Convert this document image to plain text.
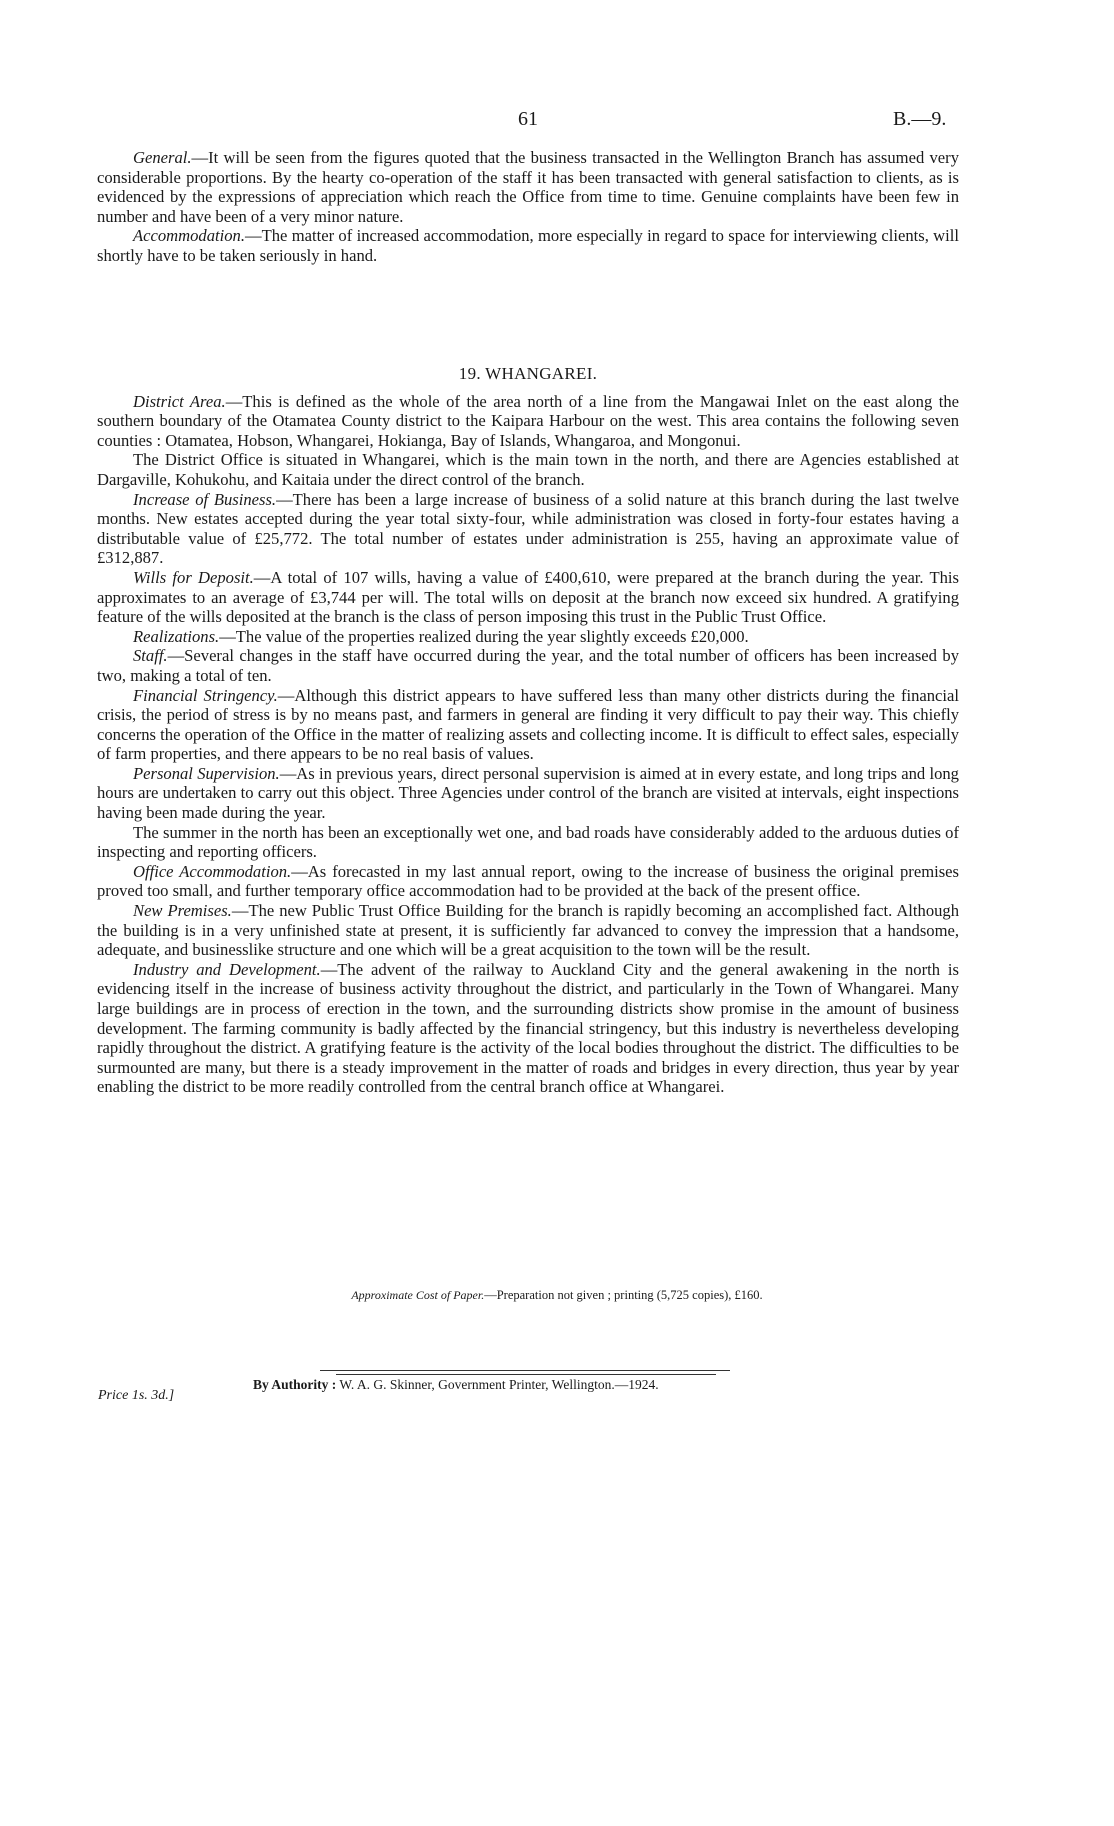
61	B.—9.

General.—It will be seen from the figures quoted that the business transacted in the Wellington Branch has assumed very considerable proportions. By the hearty co-operation of the staff it has been transacted with general satisfaction to clients, as is evidenced by the expressions of appreciation which reach the Office from time to time. Genuine complaints have been few in number and have been of a very minor nature.

Accommodation.—The matter of increased accommodation, more especially in regard to space for interviewing clients, will shortly have to be taken seriously in hand.

19. WHANGAREI.

District Area.—This is defined as the whole of the area north of a line from the Mangawai Inlet on the east along the southern boundary of the Otamatea County district to the Kaipara Harbour on the west. This area contains the following seven counties : Otamatea, Hobson, Whangarei, Hokianga, Bay of Islands, Whangaroa, and Mongonui.

The District Office is situated in Whangarei, which is the main town in the north, and there are Agencies established at Dargaville, Kohukohu, and Kaitaia under the direct control of the branch.

Increase of Business.—There has been a large increase of business of a solid nature at this branch during the last twelve months. New estates accepted during the year total sixty-four, while administration was closed in forty-four estates having a distributable value of £25,772. The total number of estates under administration is 255, having an approximate value of £312,887.

Wills for Deposit.—A total of 107 wills, having a value of £400,610, were prepared at the branch during the year. This approximates to an average of £3,744 per will. The total wills on deposit at the branch now exceed six hundred. A gratifying feature of the wills deposited at the branch is the class of person imposing this trust in the Public Trust Office.

Realizations.—The value of the properties realized during the year slightly exceeds £20,000.

Staff.—Several changes in the staff have occurred during the year, and the total number of officers has been increased by two, making a total of ten.

Financial Stringency.—Although this district appears to have suffered less than many other districts during the financial crisis, the period of stress is by no means past, and farmers in general are finding it very difficult to pay their way. This chiefly concerns the operation of the Office in the matter of realizing assets and collecting income. It is difficult to effect sales, especially of farm properties, and there appears to be no real basis of values.

Personal Supervision.—As in previous years, direct personal supervision is aimed at in every estate, and long trips and long hours are undertaken to carry out this object. Three Agencies under control of the branch are visited at intervals, eight inspections having been made during the year.

The summer in the north has been an exceptionally wet one, and bad roads have considerably added to the arduous duties of inspecting and reporting officers.

Office Accommodation.—As forecasted in my last annual report, owing to the increase of business the original premises proved too small, and further temporary office accommodation had to be provided at the back of the present office.

New Premises.—The new Public Trust Office Building for the branch is rapidly becoming an accomplished fact. Although the building is in a very unfinished state at present, it is sufficiently far advanced to convey the impression that a handsome, adequate, and businesslike structure and one which will be a great acquisition to the town will be the result.

Industry and Development.—The advent of the railway to Auckland City and the general awakening in the north is evidencing itself in the increase of business activity throughout the district, and particularly in the Town of Whangarei. Many large buildings are in process of erection in the town, and the surrounding districts show promise in the amount of business development. The farming community is badly affected by the financial stringency, but this industry is nevertheless developing rapidly throughout the district. A gratifying feature is the activity of the local bodies throughout the district. The difficulties to be surmounted are many, but there is a steady improvement in the matter of roads and bridges in every direction, thus year by year enabling the district to be more readily controlled from the central branch office at Whangarei.

Approximate Cost of Paper.—Preparation not given ; printing (5,725 copies), £160.
By Authority : W. A. G. Skinner, Government Printer, Wellington.—1924.
Price 1s. 3d.]
